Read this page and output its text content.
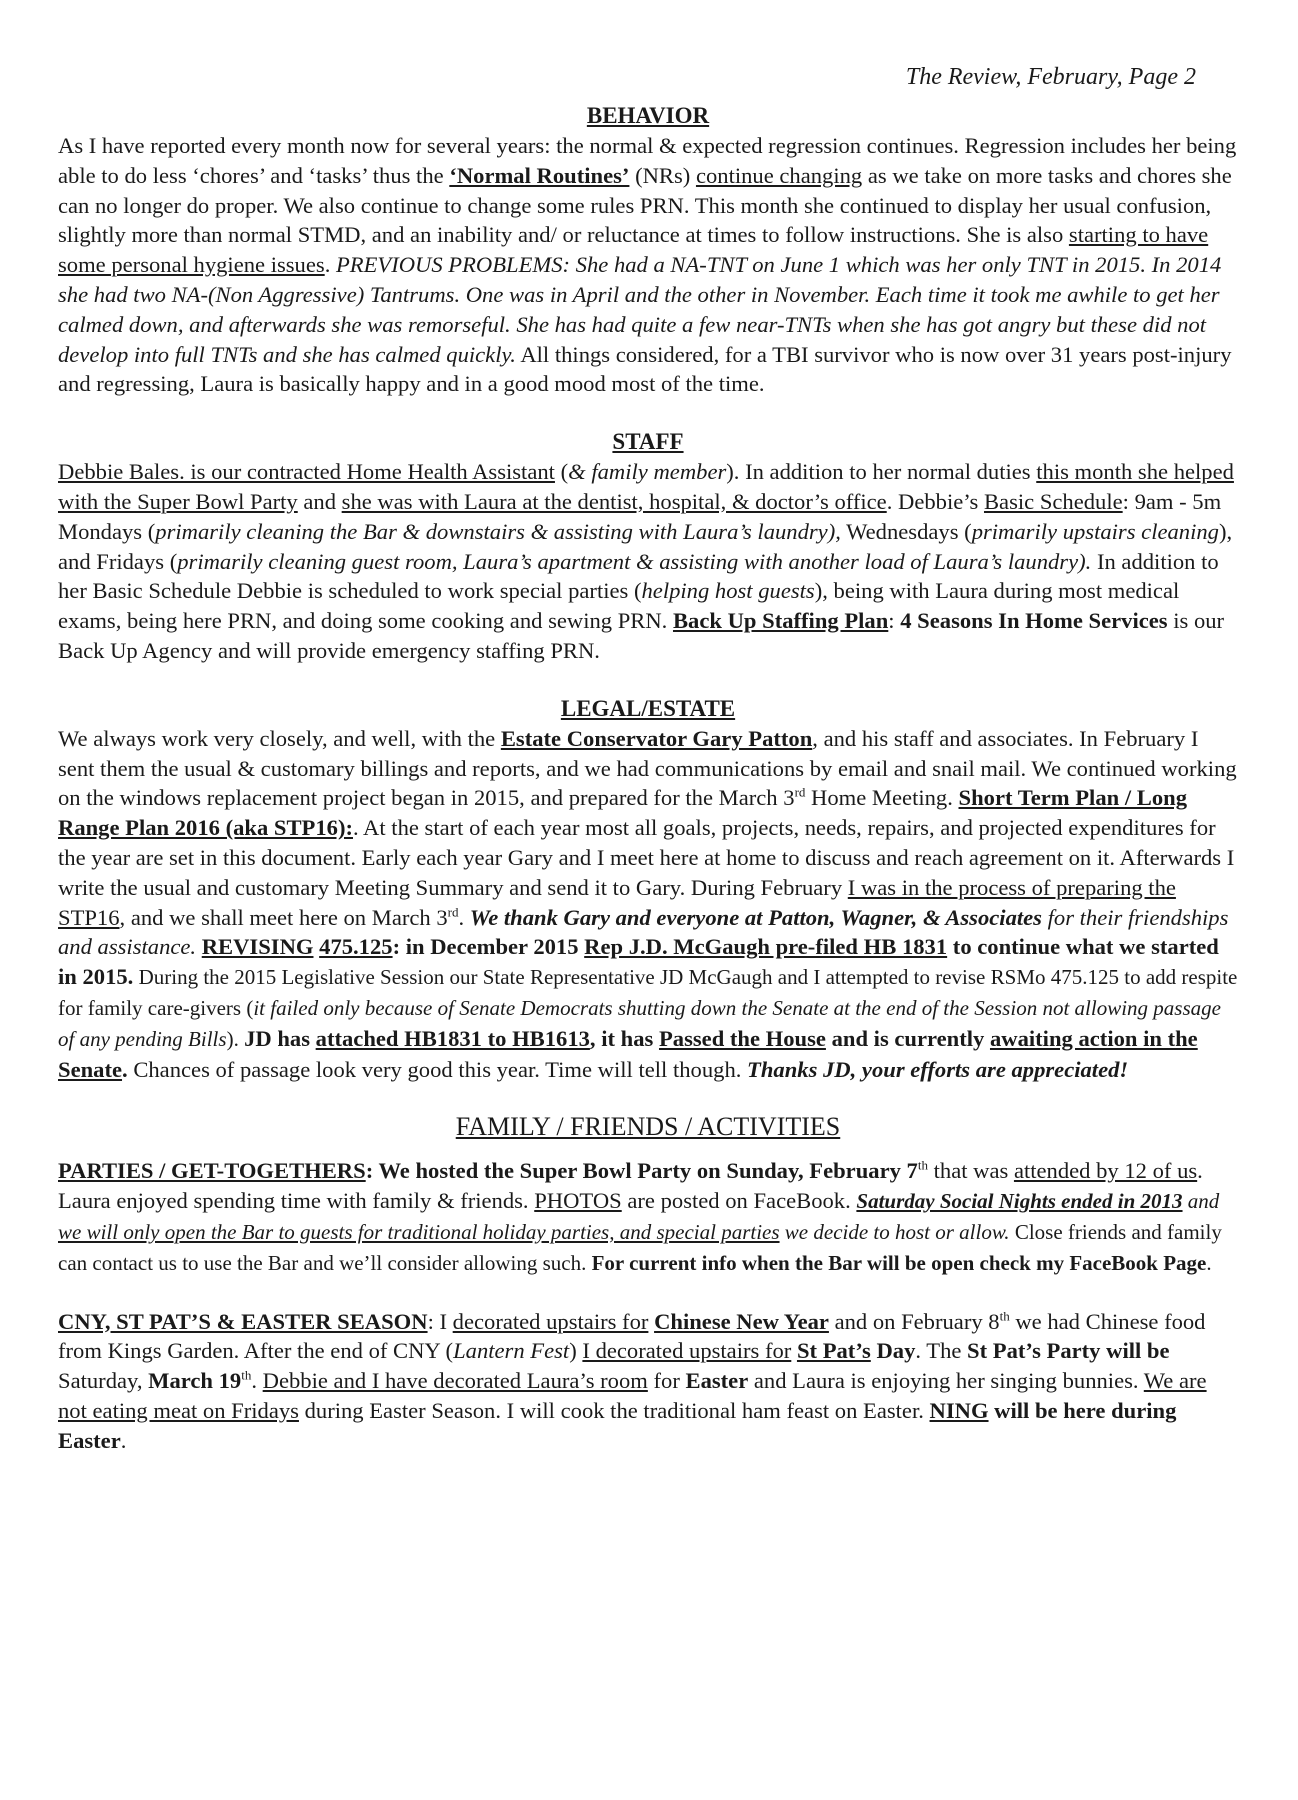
The Review, February, Page 2
BEHAVIOR

As I have reported every month now for several years: the normal & expected regression continues. Regression includes her being able to do less ‘chores’ and ‘tasks’ thus the ‘Normal Routines’ (NRs) continue changing as we take on more tasks and chores she can no longer do proper. We also continue to change some rules PRN. This month she continued to display her usual confusion, slightly more than normal STMD, and an inability and/ or reluctance at times to follow instructions. She is also starting to have some personal hygiene issues. PREVIOUS PROBLEMS: She had a NA-TNT on June 1 which was her only TNT in 2015. In 2014 she had two NA-(Non Aggressive) Tantrums. One was in April and the other in November. Each time it took me awhile to get her calmed down, and afterwards she was remorseful. She has had quite a few near-TNTs when she has got angry but these did not develop into full TNTs and she has calmed quickly. All things considered, for a TBI survivor who is now over 31 years post-injury and regressing, Laura is basically happy and in a good mood most of the time.

STAFF

Debbie Bales. is our contracted Home Health Assistant (& family member). In addition to her normal duties this month she helped with the Super Bowl Party and she was with Laura at the dentist, hospital, & doctor’s office. Debbie’s Basic Schedule: 9am - 5m Mondays (primarily cleaning the Bar & downstairs & assisting with Laura’s laundry), Wednesdays (primarily upstairs cleaning), and Fridays (primarily cleaning guest room, Laura’s apartment & assisting with another load of Laura’s laundry). In addition to her Basic Schedule Debbie is scheduled to work special parties (helping host guests), being with Laura during most medical exams, being here PRN, and doing some cooking and sewing PRN. Back Up Staffing Plan: 4 Seasons In Home Services is our Back Up Agency and will provide emergency staffing PRN.

LEGAL/ESTATE

We always work very closely, and well, with the Estate Conservator Gary Patton, and his staff and associates. In February I sent them the usual & customary billings and reports, and we had communications by email and snail mail. We continued working on the windows replacement project began in 2015, and prepared for the March 3rd Home Meeting. Short Term Plan / Long Range Plan 2016 (aka STP16):. At the start of each year most all goals, projects, needs, repairs, and projected expenditures for the year are set in this document. Early each year Gary and I meet here at home to discuss and reach agreement on it. Afterwards I write the usual and customary Meeting Summary and send it to Gary. During February I was in the process of preparing the STP16, and we shall meet here on March 3rd. We thank Gary and everyone at Patton, Wagner, & Associates for their friendships and assistance. REVISING 475.125: in December 2015 Rep J.D. McGaugh pre-filed HB 1831 to continue what we started in 2015. During the 2015 Legislative Session our State Representative JD McGaugh and I attempted to revise RSMo 475.125 to add respite for family care-givers (it failed only because of Senate Democrats shutting down the Senate at the end of the Session not allowing passage of any pending Bills). JD has attached HB1831 to HB1613, it has Passed the House and is currently awaiting action in the Senate. Chances of passage look very good this year. Time will tell though. Thanks JD, your efforts are appreciated!

FAMILY / FRIENDS / ACTIVITIES

PARTIES / GET-TOGETHERS: We hosted the Super Bowl Party on Sunday, February 7th that was attended by 12 of us. Laura enjoyed spending time with family & friends. PHOTOS are posted on FaceBook. Saturday Social Nights ended in 2013 and we will only open the Bar to guests for traditional holiday parties, and special parties we decide to host or allow. Close friends and family can contact us to use the Bar and we’ll consider allowing such. For current info when the Bar will be open check my FaceBook Page.

CNY, ST PAT’S & EASTER SEASON: I decorated upstairs for Chinese New Year and on February 8th we had Chinese food from Kings Garden. After the end of CNY (Lantern Fest) I decorated upstairs for St Pat’s Day. The St Pat’s Party will be Saturday, March 19th. Debbie and I have decorated Laura’s room for Easter and Laura is enjoying her singing bunnies. We are not eating meat on Fridays during Easter Season. I will cook the traditional ham feast on Easter. NING will be here during Easter.
